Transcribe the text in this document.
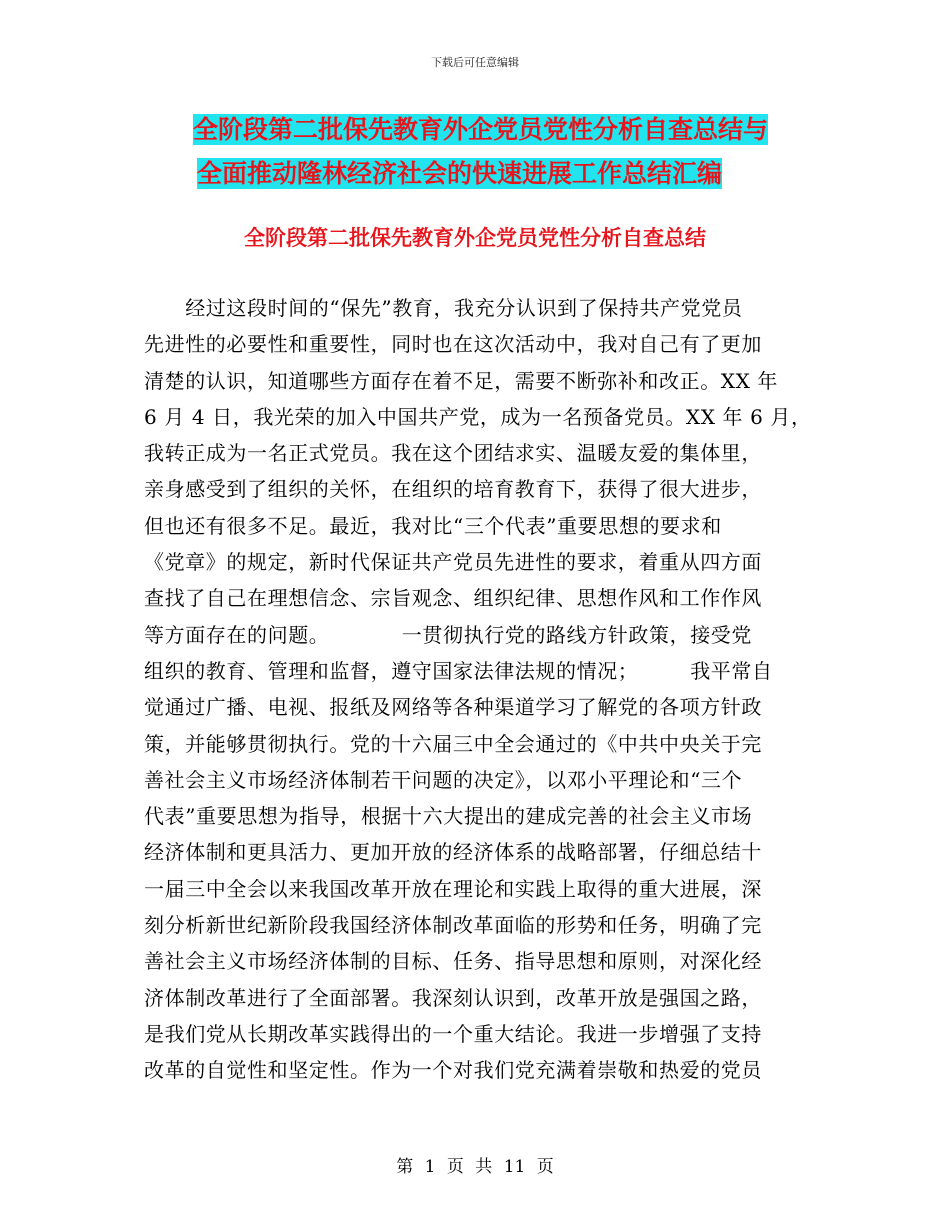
下载后可任意编辑
全阶段第二批保先教育外企党员党性分析自查总结与
全面推动隆林经济社会的快速进展工作总结汇编
全阶段第二批保先教育外企党员党性分析自查总结
　　经过这段时间的“保先”教育，我充分认识到了保持共产党党员
先进性的必要性和重要性，同时也在这次活动中，我对自己有了更加
清楚的认识，知道哪些方面存在着不足，需要不断弥补和改正。XX 年
6 月 4 日，我光荣的加入中国共产党，成为一名预备党员。XX 年 6 月，
我转正成为一名正式党员。我在这个团结求实、温暖友爱的集体里，
亲身感受到了组织的关怀，在组织的培育教育下，获得了很大进步，
但也还有很多不足。最近，我对比“三个代表”重要思想的要求和
《党章》的规定，新时代保证共产党员先进性的要求，着重从四方面
查找了自己在理想信念、宗旨观念、组织纪律、思想作风和工作作风
等方面存在的问题。　　　　一贯彻执行党的路线方针政策，接受党
组织的教育、管理和监督，遵守国家法律法规的情况；　　　我平常自
觉通过广播、电视、报纸及网络等各种渠道学习了解党的各项方针政
策，并能够贯彻执行。党的十六届三中全会通过的《中共中央关于完
善社会主义市场经济体制若干问题的决定》，以邓小平理论和“三个
代表”重要思想为指导，根据十六大提出的建成完善的社会主义市场
经济体制和更具活力、更加开放的经济体系的战略部署，仔细总结十
一届三中全会以来我国改革开放在理论和实践上取得的重大进展，深
刻分析新世纪新阶段我国经济体制改革面临的形势和任务，明确了完
善社会主义市场经济体制的目标、任务、指导思想和原则，对深化经
济体制改革进行了全面部署。我深刻认识到，改革开放是强国之路，
是我们党从长期改革实践得出的一个重大结论。我进一步增强了支持
改革的自觉性和坚定性。作为一个对我们党充满着崇敬和热爱的党员
第 1 页 共 11 页
